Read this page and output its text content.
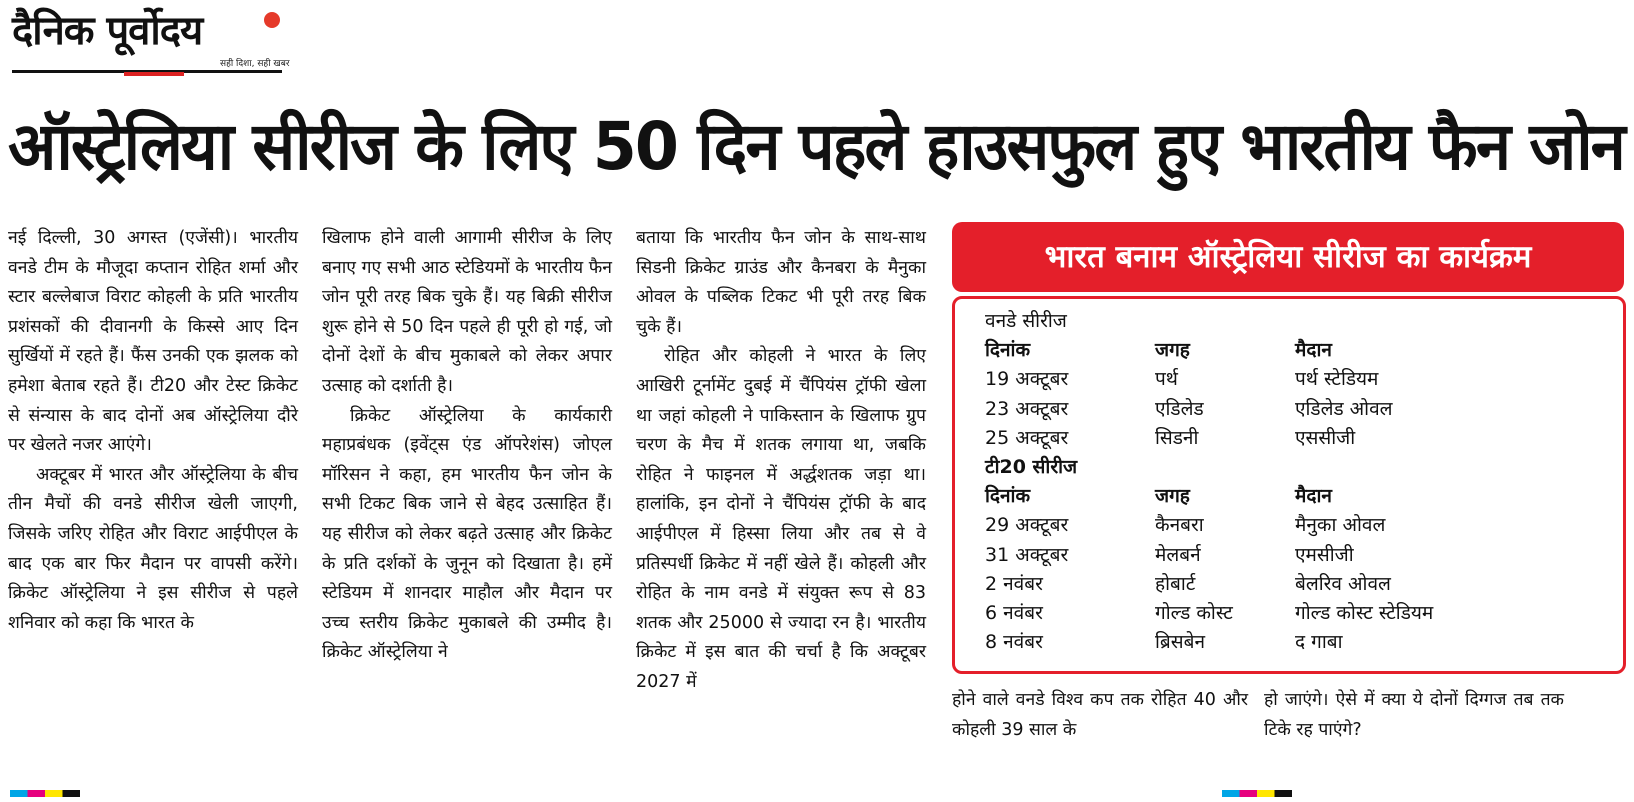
दैनिक पूर्वोदय
सही दिशा, सही खबर
ऑस्ट्रेलिया सीरीज के लिए 50 दिन पहले हाउसफुल हुए भारतीय फैन जोन

नई दिल्ली, 30 अगस्त (एजेंसी)। भारतीय वनडे टीम के मौजूदा कप्तान रोहित शर्मा और स्टार बल्लेबाज विराट कोहली के प्रति भारतीय प्रशंसकों की दीवानगी के किस्से आए दिन सुर्खियों में रहते हैं। फैंस उनकी एक झलक को हमेशा बेताब रहते हैं। टी20 और टेस्ट क्रिकेट से संन्यास के बाद दोनों अब ऑस्ट्रेलिया दौरे पर खेलते नजर आएंगे।

अक्टूबर में भारत और ऑस्ट्रेलिया के बीच तीन मैचों की वनडे सीरीज खेली जाएगी, जिसके जरिए रोहित और विराट आईपीएल के बाद एक बार फिर मैदान पर वापसी करेंगे। क्रिकेट ऑस्ट्रेलिया ने इस सीरीज से पहले शनिवार को कहा कि भारत के

खिलाफ होने वाली आगामी सीरीज के लिए बनाए गए सभी आठ स्टेडियमों के भारतीय फैन जोन पूरी तरह बिक चुके हैं। यह बिक्री सीरीज शुरू होने से 50 दिन पहले ही पूरी हो गई, जो दोनों देशों के बीच मुकाबले को लेकर अपार उत्साह को दर्शाती है।

क्रिकेट ऑस्ट्रेलिया के कार्यकारी महाप्रबंधक (इवेंट्स एंड ऑपरेशंस) जोएल मॉरिसन ने कहा, हम भारतीय फैन जोन के सभी टिकट बिक जाने से बेहद उत्साहित हैं। यह सीरीज को लेकर बढ़ते उत्साह और क्रिकेट के प्रति दर्शकों के जुनून को दिखाता है। हमें स्टेडियम में शानदार माहौल और मैदान पर उच्च स्तरीय क्रिकेट मुकाबले की उम्मीद है। क्रिकेट ऑस्ट्रेलिया ने

बताया कि भारतीय फैन जोन के साथ-साथ सिडनी क्रिकेट ग्राउंड और कैनबरा के मैनुका ओवल के पब्लिक टिकट भी पूरी तरह बिक चुके हैं।

रोहित और कोहली ने भारत के लिए आखिरी टूर्नामेंट दुबई में चैंपियंस ट्रॉफी खेला था जहां कोहली ने पाकिस्तान के खिलाफ ग्रुप चरण के मैच में शतक लगाया था, जबकि रोहित ने फाइनल में अर्द्धशतक जड़ा था। हालांकि, इन दोनों ने चैंपियंस ट्रॉफी के बाद आईपीएल में हिस्सा लिया और तब से वे प्रतिस्पर्धी क्रिकेट में नहीं खेले हैं। कोहली और रोहित के नाम वनडे में संयुक्त रूप से 83 शतक और 25000 से ज्यादा रन है। भारतीय क्रिकेट में इस बात की चर्चा है कि अक्टूबर 2027 में

भारत बनाम ऑस्ट्रेलिया सीरीज का कार्यक्रम
वनडे सीरीज
दिनांक	जगह	मैदान
19 अक्टूबर	पर्थ	पर्थ स्टेडियम
23 अक्टूबर	एडिलेड	एडिलेड ओवल
25 अक्टूबर	सिडनी	एससीजी
टी20 सीरीज
दिनांक	जगह	मैदान
29 अक्टूबर	कैनबरा	मैनुका ओवल
31 अक्टूबर	मेलबर्न	एमसीजी
2 नवंबर	होबार्ट	बेलरिव ओवल
6 नवंबर	गोल्ड कोस्ट	गोल्ड कोस्ट स्टेडियम
8 नवंबर	ब्रिसबेन	द गाबा
होने वाले वनडे विश्व कप तक रोहित 40 और कोहली 39 साल के
हो जाएंगे। ऐसे में क्या ये दोनों दिग्गज तब तक टिके रह पाएंगे?
